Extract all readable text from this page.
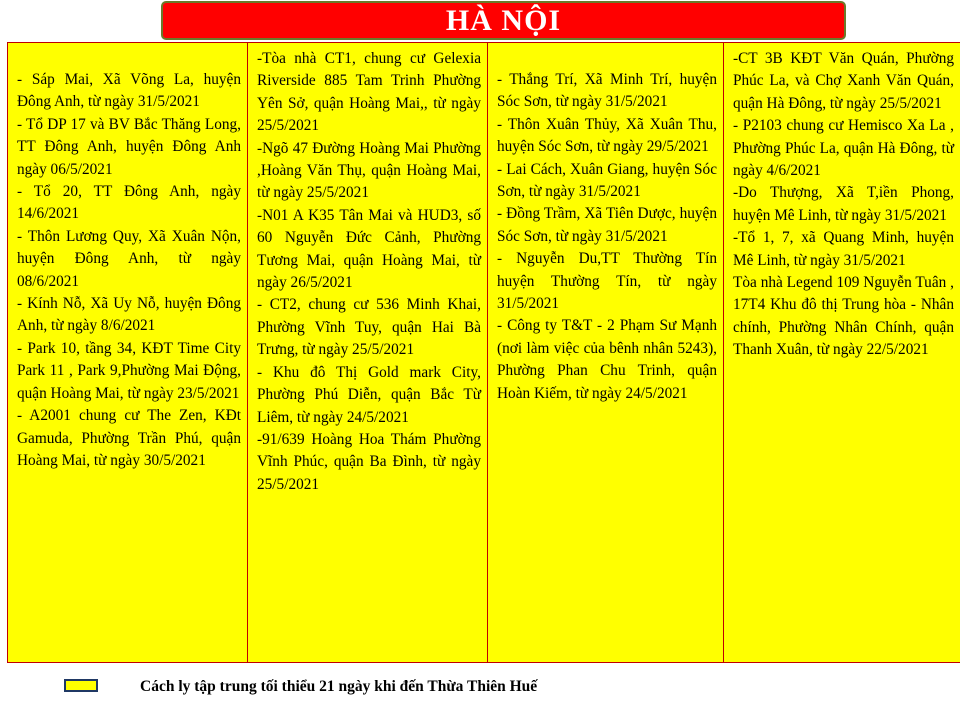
HÀ NỘI

- Sáp Mai, Xã Võng La, huyện Đông Anh, từ ngày 31/5/2021

- Tổ DP 17 và BV Bắc Thăng Long, TT Đông Anh, huyện Đông Anh ngày 06/5/2021

- Tổ 20, TT Đông Anh, ngày 14/6/2021

- Thôn Lương Quy, Xã Xuân Nộn, huyện Đông Anh, từ ngày 08/6/2021

- Kính Nỗ, Xã Uy Nỗ, huyện Đông Anh, từ ngày 8/6/2021

- Park 10, tầng 34, KĐT Time City Park 11 , Park 9,Phường Mai Động, quận Hoàng Mai, từ ngày 23/5/2021

- A2001 chung cư The Zen, KĐt Gamuda, Phường Trần Phú, quận Hoàng Mai, từ ngày 30/5/2021

-Tòa nhà CT1, chung cư Gelexia Riverside 885 Tam Trinh Phường Yên Sở, quận Hoàng Mai,, từ ngày 25/5/2021

-Ngõ 47 Đường Hoàng Mai Phường ,Hoàng Văn Thụ, quận Hoàng Mai, từ ngày 25/5/2021

-N01 A K35 Tân Mai và HUD3, số 60 Nguyễn Đức Cảnh, Phường Tương Mai, quận Hoàng Mai, từ ngày 26/5/2021

- CT2, chung cư 536 Minh Khai, Phường Vĩnh Tuy, quận Hai Bà Trưng, từ ngày 25/5/2021

- Khu đô Thị Gold mark City, Phường Phú Diễn, quận Bắc Từ Liêm, từ ngày 24/5/2021

-91/639 Hoàng Hoa Thám Phường Vĩnh Phúc, quận Ba Đình, từ ngày 25/5/2021

- Thắng Trí, Xã Minh Trí, huyện Sóc Sơn, từ ngày 31/5/2021

- Thôn Xuân Thủy, Xã Xuân Thu, huyện Sóc Sơn, từ ngày 29/5/2021

- Lai Cách, Xuân Giang, huyện Sóc Sơn, từ ngày 31/5/2021

- Đồng Trầm, Xã Tiên Dược, huyện Sóc Sơn, từ ngày 31/5/2021

- Nguyễn Du,TT Thường Tín huyện Thường Tín, từ ngày 31/5/2021

- Công ty T&T - 2 Phạm Sư Mạnh (nơi làm việc của bênh nhân 5243), Phường Phan Chu Trinh, quận Hoàn Kiếm, từ ngày 24/5/2021

-CT 3B KĐT Văn Quán, Phường Phúc La, và Chợ Xanh Văn Quán, quận Hà Đông, từ ngày 25/5/2021

- P2103 chung cư Hemisco Xa La , Phường Phúc La, quận Hà Đông, từ ngày 4/6/2021

-Do Thượng, Xã T,iền Phong, huyện Mê Linh, từ ngày 31/5/2021

-Tổ 1, 7, xã Quang Minh, huyện Mê Linh, từ ngày 31/5/2021

Tòa nhà Legend 109 Nguyễn Tuân , 17T4 Khu đô thị Trung hòa - Nhân chính, Phường Nhân Chính, quận Thanh Xuân, từ ngày 22/5/2021

Cách ly tập trung tối thiểu 21 ngày khi đến Thừa Thiên Huế
